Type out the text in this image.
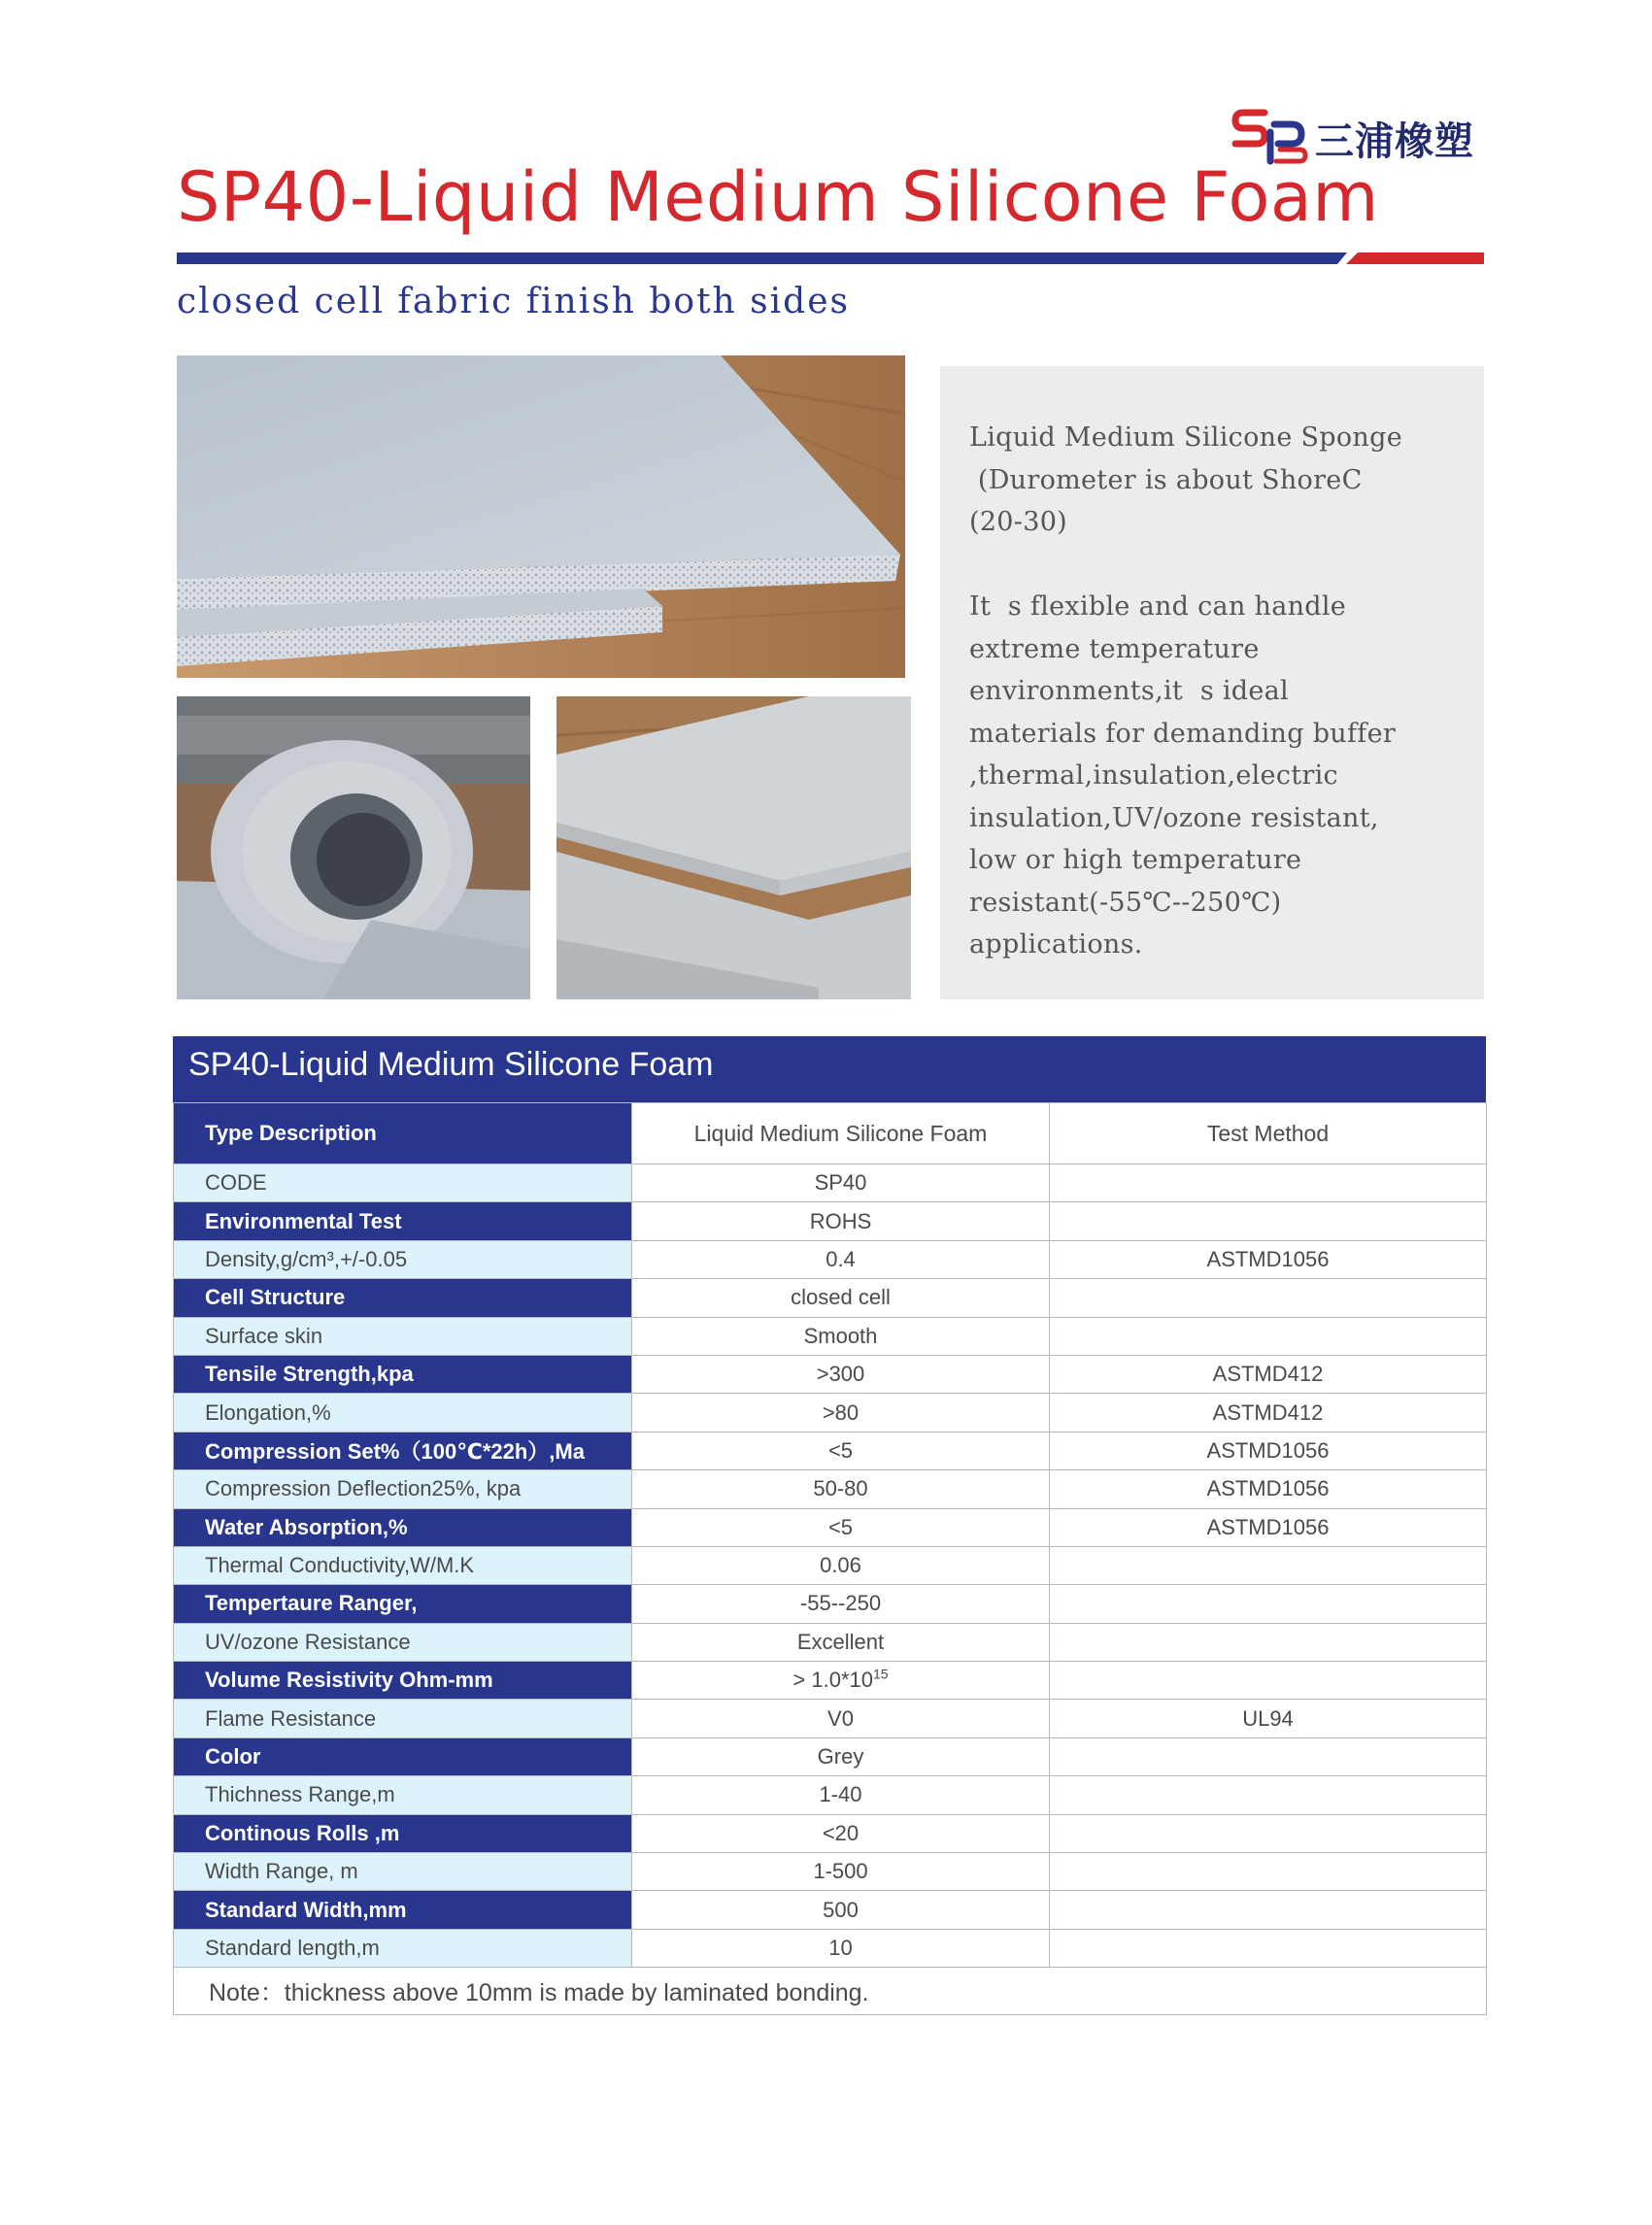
三浦橡塑
SP40-Liquid Medium Silicone Foam
closed cell fabric finish both sides
Liquid Medium Silicone Sponge
(Durometer is about ShoreC
(20-30)

It  s flexible and can handle
extreme temperature
environments,it  s ideal
materials for demanding buffer
,thermal,insulation,electric
insulation,UV/ozone resistant,
low or high temperature
resistant(-55℃--250℃)
applications.
SP40-Liquid Medium Silicone Foam
Type Description	Liquid Medium Silicone Foam	Test Method
CODE	SP40	
Environmental Test	ROHS	
Density,g/cm³,+/-0.05	0.4	ASTMD1056
Cell Structure	closed cell	
Surface skin	Smooth	
Tensile Strength,kpa	>300	ASTMD412
Elongation,%	>80	ASTMD412
Compression Set%（100℃*22h）,Ma	<5	ASTMD1056
Compression Deflection25%, kpa	50-80	ASTMD1056
Water Absorption,%	<5	ASTMD1056
Thermal Conductivity,W/M.K	0.06	
Tempertaure Ranger,	-55--250	
UV/ozone Resistance	Excellent	
Volume Resistivity Ohm-mm	> $1.0*10^{15}$	
Flame Resistance	V0	UL94
Color	Grey	
Thichness Range,m	1-40	
Continous Rolls ,m	<20	
Width Range, m	1-500	
Standard Width,mm	500	
Standard length,m	10	
Note：thickness above 10mm is made by laminated bonding.		
